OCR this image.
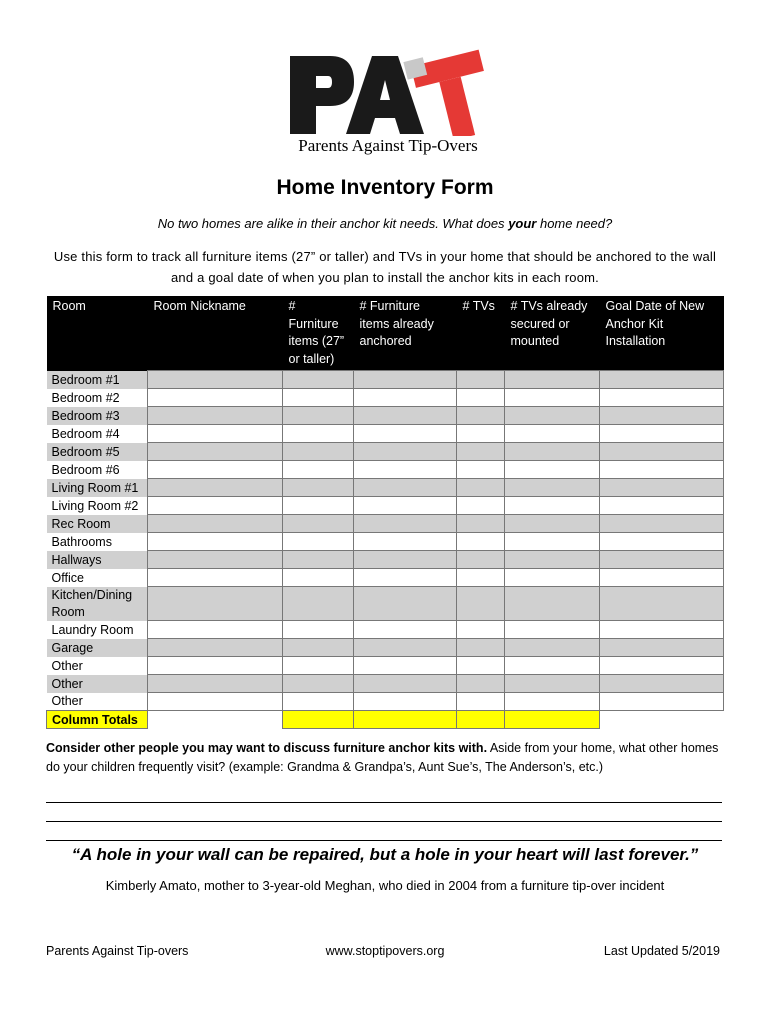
Parents Against Tip-Overs
Home Inventory Form
No two homes are alike in their anchor kit needs. What does your home need?
Use this form to track all furniture items (27” or taller) and TVs in your home that should be anchored to the wall and a goal date of when you plan to install the anchor kits in each room.
Room	Room Nickname	# Furniture items (27” or taller)	# Furniture items already anchored	# TVs	# TVs already secured or mounted	Goal Date of New Anchor Kit Installation
Bedroom #1						
Bedroom #2						
Bedroom #3						
Bedroom #4						
Bedroom #5						
Bedroom #6						
Living Room #1						
Living Room #2						
Rec Room						
Bathrooms						
Hallways						
Office						
Kitchen/Dining Room						
Laundry Room						
Garage						
Other						
Other						
Other						
Column Totals						
Consider other people you may want to discuss furniture anchor kits with. Aside from your home, what other homes do your children frequently visit? (example: Grandma & Grandpa’s, Aunt Sue’s, The Anderson’s, etc.)
“A hole in your wall can be repaired, but a hole in your heart will last forever.”
Kimberly Amato, mother to 3-year-old Meghan, who died in 2004 from a furniture tip-over incident
Parents Against Tip-overs	www.stoptipovers.org	Last Updated 5/2019
